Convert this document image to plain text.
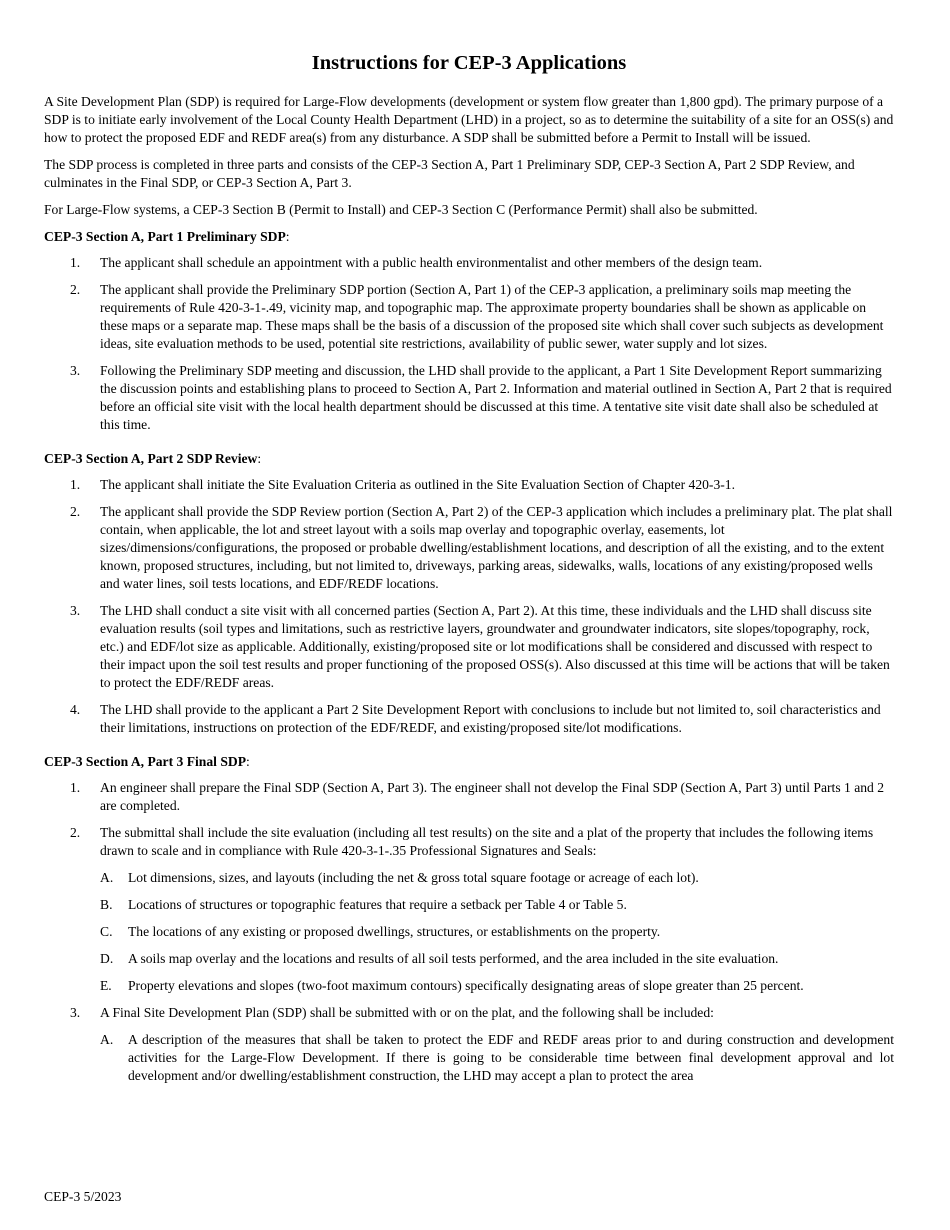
Instructions for CEP-3 Applications

A Site Development Plan (SDP) is required for Large-Flow developments (development or system flow greater than 1,800 gpd). The primary purpose of a SDP is to initiate early involvement of the Local County Health Department (LHD) in a project, so as to determine the suitability of a site for an OSS(s) and how to protect the proposed EDF and REDF area(s) from any disturbance. A SDP shall be submitted before a Permit to Install will be issued.

The SDP process is completed in three parts and consists of the CEP-3 Section A, Part 1 Preliminary SDP, CEP-3 Section A, Part 2 SDP Review, and culminates in the Final SDP, or CEP-3 Section A, Part 3.

For Large-Flow systems, a CEP-3 Section B (Permit to Install) and CEP-3 Section C (Performance Permit) shall also be submitted.

CEP-3 Section A, Part 1 Preliminary SDP:

1. The applicant shall schedule an appointment with a public health environmentalist and other members of the design team.
2. The applicant shall provide the Preliminary SDP portion (Section A, Part 1) of the CEP-3 application, a preliminary soils map meeting the requirements of Rule 420-3-1-.49, vicinity map, and topographic map. The approximate property boundaries shall be shown as applicable on these maps or a separate map. These maps shall be the basis of a discussion of the proposed site which shall cover such subjects as development ideas, site evaluation methods to be used, potential site restrictions, availability of public sewer, water supply and lot sizes.
3. Following the Preliminary SDP meeting and discussion, the LHD shall provide to the applicant, a Part 1 Site Development Report summarizing the discussion points and establishing plans to proceed to Section A, Part 2. Information and material outlined in Section A, Part 2 that is required before an official site visit with the local health department should be discussed at this time. A tentative site visit date shall also be scheduled at this time.

CEP-3 Section A, Part 2 SDP Review:

1. The applicant shall initiate the Site Evaluation Criteria as outlined in the Site Evaluation Section of Chapter 420-3-1.
2. The applicant shall provide the SDP Review portion (Section A, Part 2) of the CEP-3 application which includes a preliminary plat. The plat shall contain, when applicable, the lot and street layout with a soils map overlay and topographic overlay, easements, lot sizes/dimensions/configurations, the proposed or probable dwelling/establishment locations, and description of all the existing, and to the extent known, proposed structures, including, but not limited to, driveways, parking areas, sidewalks, walls, locations of any existing/proposed wells and water lines, soil tests locations, and EDF/REDF locations.
3. The LHD shall conduct a site visit with all concerned parties (Section A, Part 2). At this time, these individuals and the LHD shall discuss site evaluation results (soil types and limitations, such as restrictive layers, groundwater and groundwater indicators, site slopes/topography, rock, etc.) and EDF/lot size as applicable. Additionally, existing/proposed site or lot modifications shall be considered and discussed with respect to their impact upon the soil test results and proper functioning of the proposed OSS(s). Also discussed at this time will be actions that will be taken to protect the EDF/REDF areas.
4. The LHD shall provide to the applicant a Part 2 Site Development Report with conclusions to include but not limited to, soil characteristics and their limitations, instructions on protection of the EDF/REDF, and existing/proposed site/lot modifications.

CEP-3 Section A, Part 3 Final SDP:

1. An engineer shall prepare the Final SDP (Section A, Part 3). The engineer shall not develop the Final SDP (Section A, Part 3) until Parts 1 and 2 are completed.
2. The submittal shall include the site evaluation (including all test results) on the site and a plat of the property that includes the following items drawn to scale and in compliance with Rule 420-3-1-.35 Professional Signatures and Seals:
A. Lot dimensions, sizes, and layouts (including the net & gross total square footage or acreage of each lot).
B. Locations of structures or topographic features that require a setback per Table 4 or Table 5.
C. The locations of any existing or proposed dwellings, structures, or establishments on the property.
D. A soils map overlay and the locations and results of all soil tests performed, and the area included in the site evaluation.
E. Property elevations and slopes (two-foot maximum contours) specifically designating areas of slope greater than 25 percent.
3. A Final Site Development Plan (SDP) shall be submitted with or on the plat, and the following shall be included:
A. A description of the measures that shall be taken to protect the EDF and REDF areas prior to and during construction and development activities for the Large-Flow Development. If there is going to be considerable time between final development approval and lot development and/or dwelling/establishment construction, the LHD may accept a plan to protect the area
CEP-3 5/2023
